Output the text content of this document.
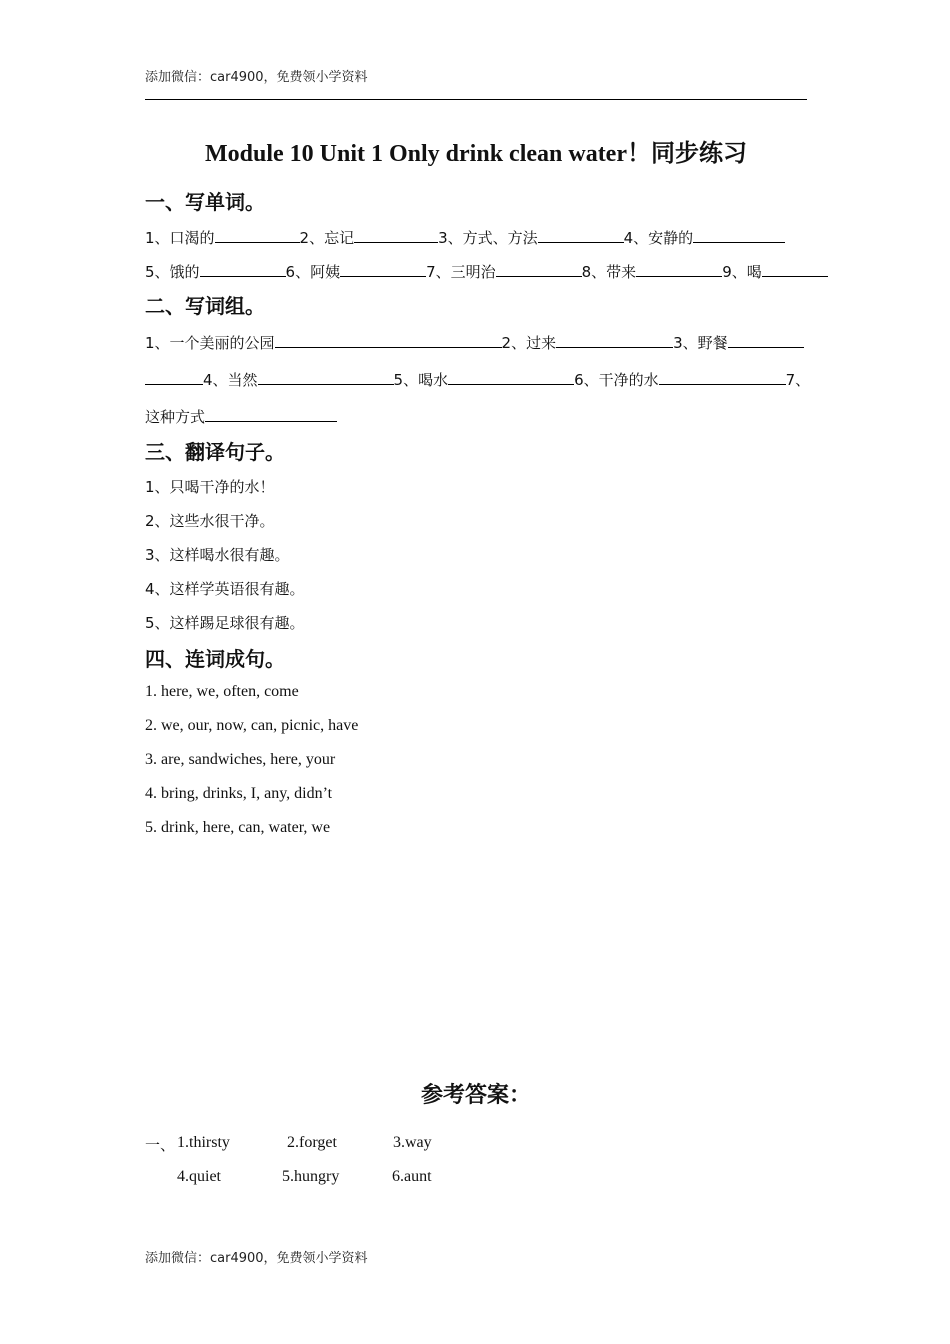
添加微信：car4900，免费领小学资料
Module 10 Unit 1 Only drink clean water！同步练习
一、写单词。
1、口渴的	2、忘记	3、方式、方法	4、安静的
5、饿的	6、阿姨	7、三明治	8、带来	9、喝
二、写词组。
1、一个美丽的公园	2、过来	3、野餐
4、当然	5、喝水	6、干净的水	7、
这种方式
三、翻译句子。
1、只喝干净的水！
2、这些水很干净。
3、这样喝水很有趣。
4、这样学英语很有趣。
5、这样踢足球很有趣。
四、连词成句。
1. here, we, often, come
2. we, our, now, can, picnic, have
3. are, sandwiches, here, your
4. bring, drinks, I, any, didn’t
5. drink, here, can, water, we
参考答案：
一、 1.thirsty	2.forget	3.way
4.quiet	5.hungry	6.aunt
添加微信：car4900，免费领小学资料
